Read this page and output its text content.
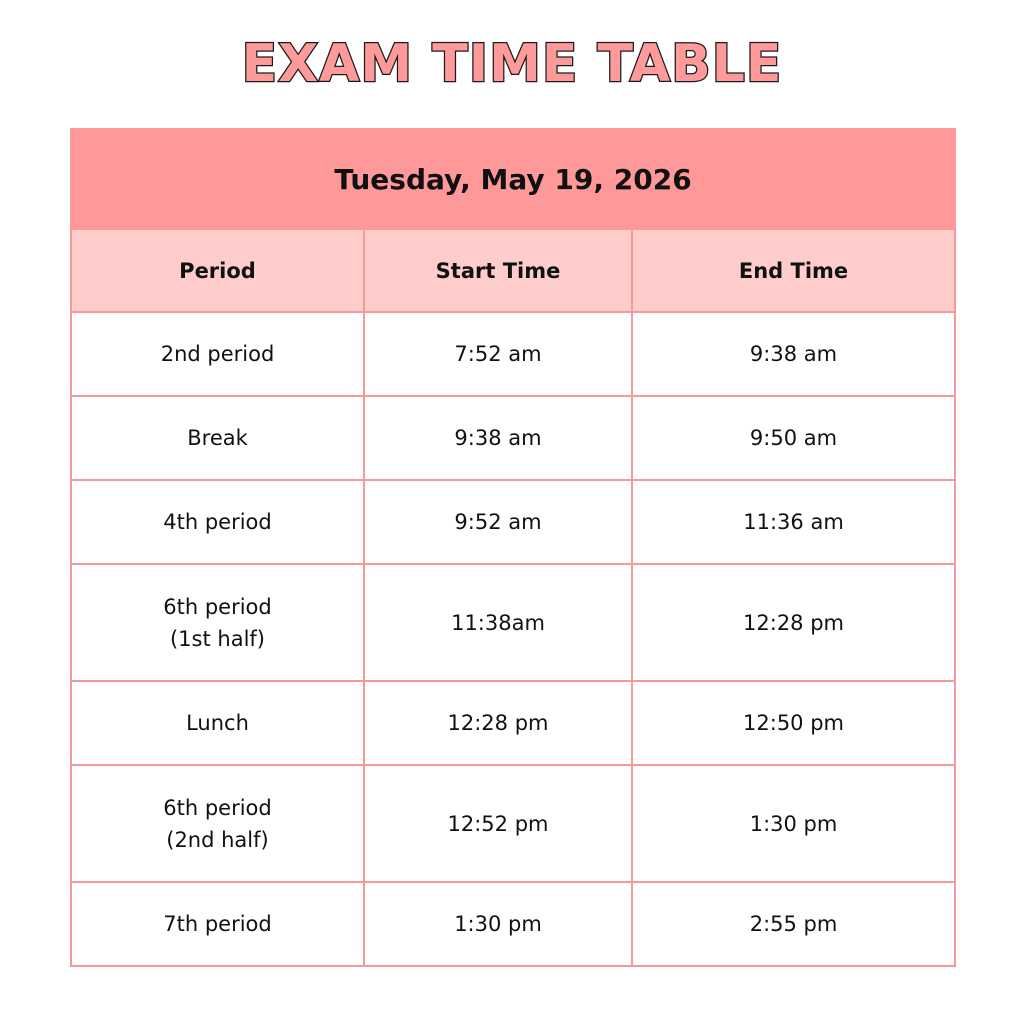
EXAM TIME TABLE
Tuesday, May 19, 2026		
Period	Start Time	End Time
2nd period	7:52 am	9:38 am
Break	9:38 am	9:50 am
4th period	9:52 am	11:36 am
6th period
(1st half)	11:38am	12:28 pm
Lunch	12:28 pm	12:50 pm
6th period
(2nd half)	12:52 pm	1:30 pm
7th period	1:30 pm	2:55 pm
